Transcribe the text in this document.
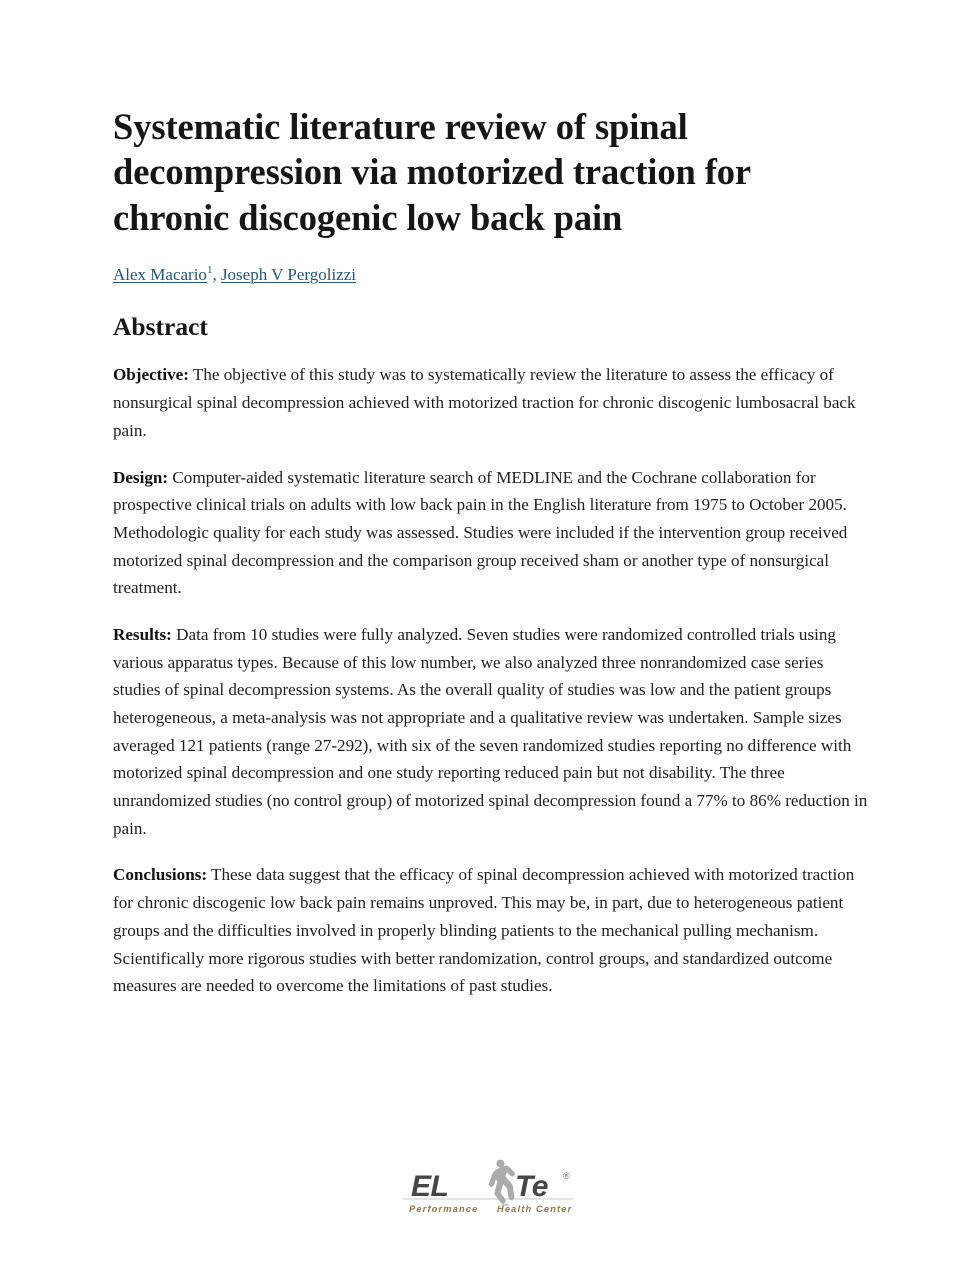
Systematic literature review of spinal decompression via motorized traction for chronic discogenic low back pain
Alex Macario1, Joseph V Pergolizzi
Abstract

Objective: The objective of this study was to systematically review the literature to assess the efficacy of nonsurgical spinal decompression achieved with motorized traction for chronic discogenic lumbosacral back pain.

Design: Computer-aided systematic literature search of MEDLINE and the Cochrane collaboration for prospective clinical trials on adults with low back pain in the English literature from 1975 to October 2005. Methodologic quality for each study was assessed. Studies were included if the intervention group received motorized spinal decompression and the comparison group received sham or another type of nonsurgical treatment.

Results: Data from 10 studies were fully analyzed. Seven studies were randomized controlled trials using various apparatus types. Because of this low number, we also analyzed three nonrandomized case series studies of spinal decompression systems. As the overall quality of studies was low and the patient groups heterogeneous, a meta-analysis was not appropriate and a qualitative review was undertaken. Sample sizes averaged 121 patients (range 27-292), with six of the seven randomized studies reporting no difference with motorized spinal decompression and one study reporting reduced pain but not disability. The three unrandomized studies (no control group) of motorized spinal decompression found a 77% to 86% reduction in pain.

Conclusions: These data suggest that the efficacy of spinal decompression achieved with motorized traction for chronic discogenic low back pain remains unproved. This may be, in part, due to heterogeneous patient groups and the difficulties involved in properly blinding patients to the mechanical pulling mechanism. Scientifically more rigorous studies with better randomization, control groups, and standardized outcome measures are needed to overcome the limitations of past studies.

EL Te ®
Performance Health Center
